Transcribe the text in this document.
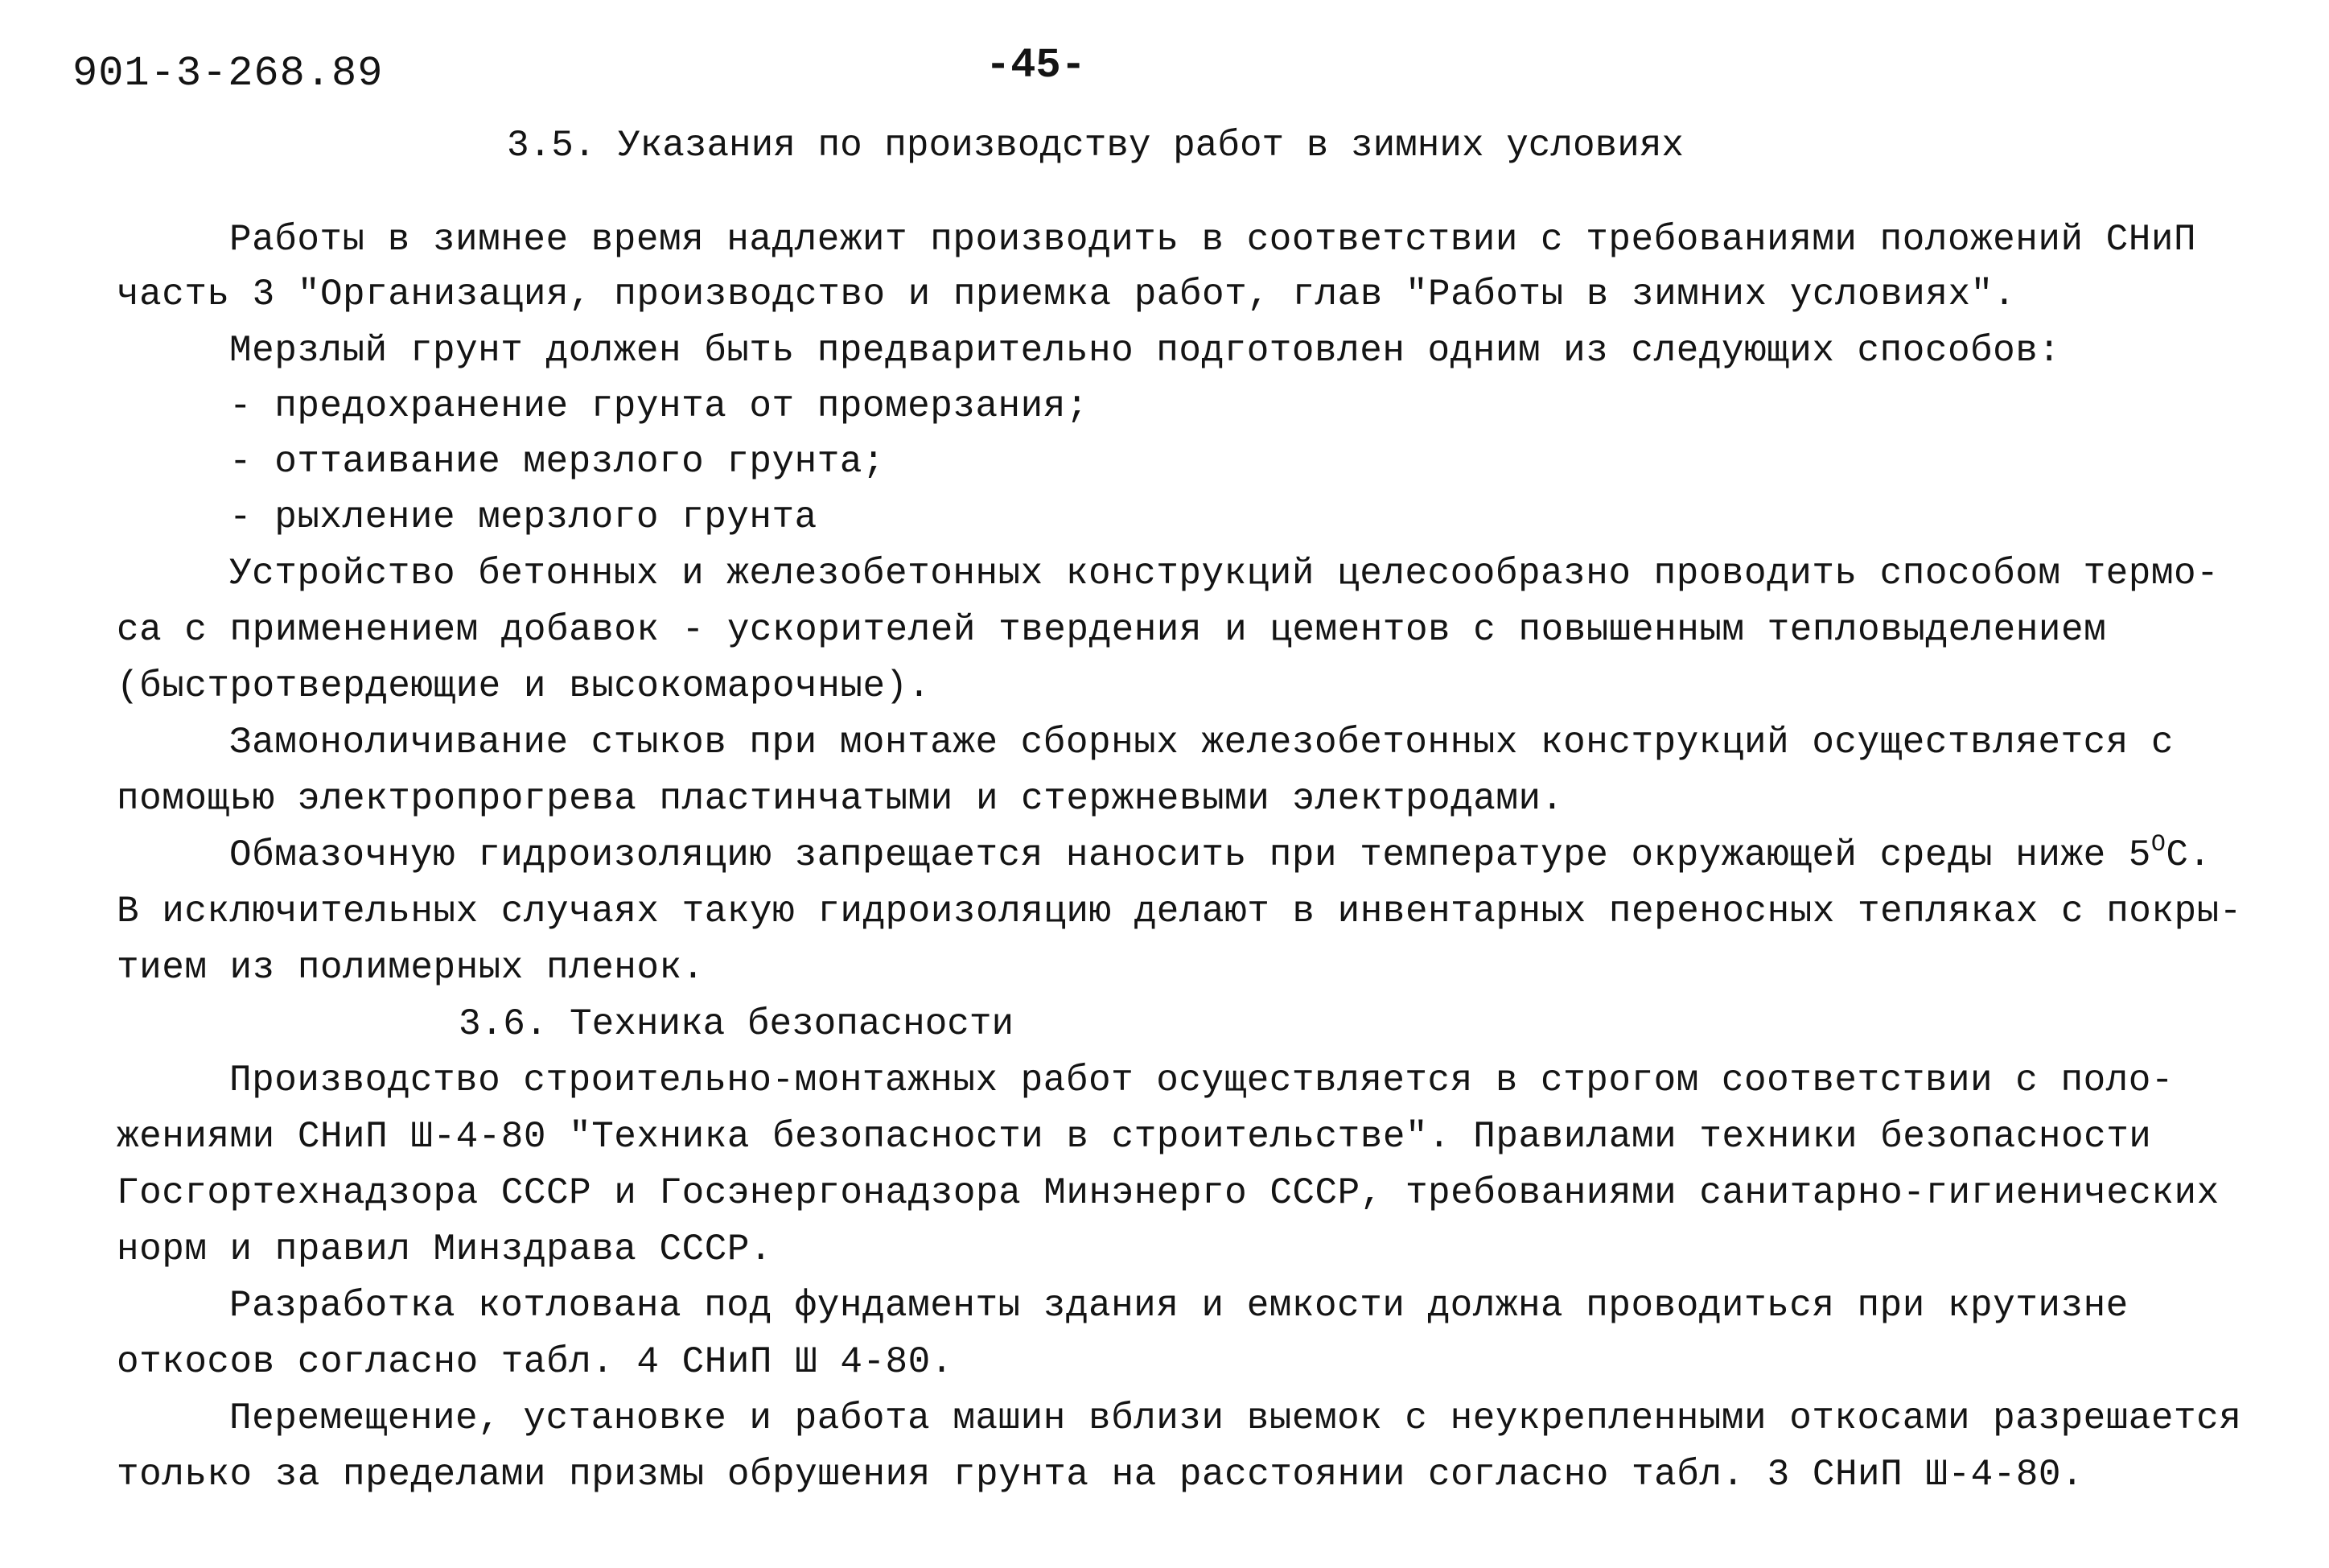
901-3-268.89	-45-
3.5. Указания по производству работ в зимних условиях
Работы в зимнее время надлежит производить в соответствии с требованиями положений СНиП
часть 3 "Организация, производство и приемка работ, глав "Работы в зимних условиях".
Мерзлый грунт должен быть предварительно подготовлен одним из следующих способов:
- предохранение грунта от промерзания;
- оттаивание мерзлого грунта;
- рыхление мерзлого грунта
Устройство бетонных и железобетонных конструкций целесообразно проводить способом термо-
са с применением добавок - ускорителей твердения и цементов с повышенным тепловыделением
(быстротвердеющие и высокомарочные).
Замоноличивание стыков при монтаже сборных железобетонных конструкций осуществляется с
помощью электропрогрева пластинчатыми и стержневыми электродами.
Обмазочную гидроизоляцию запрещается наносить при температуре окружающей среды ниже $5^ОС$.
В исключительных случаях такую гидроизоляцию делают в инвентарных переносных тепляках с покры-
тием из полимерных пленок.
3.6. Техника безопасности
Производство строительно-монтажных работ осуществляется в строгом соответствии с поло-
жениями СНиП Ш-4-80 "Техника безопасности в строительстве". Правилами техники безопасности
Госгортехнадзора СССР и Госэнергонадзора Минэнерго СССР, требованиями санитарно-гигиенических
норм и правил Минздрава СССР.
Разработка котлована под фундаменты здания и емкости должна проводиться при крутизне
откосов согласно табл. 4 СНиП Ш 4-80.
Перемещение, установке и работа машин вблизи выемок с неукрепленными откосами разрешается
только за пределами призмы обрушения грунта на расстоянии согласно табл. 3 СНиП Ш-4-80.
